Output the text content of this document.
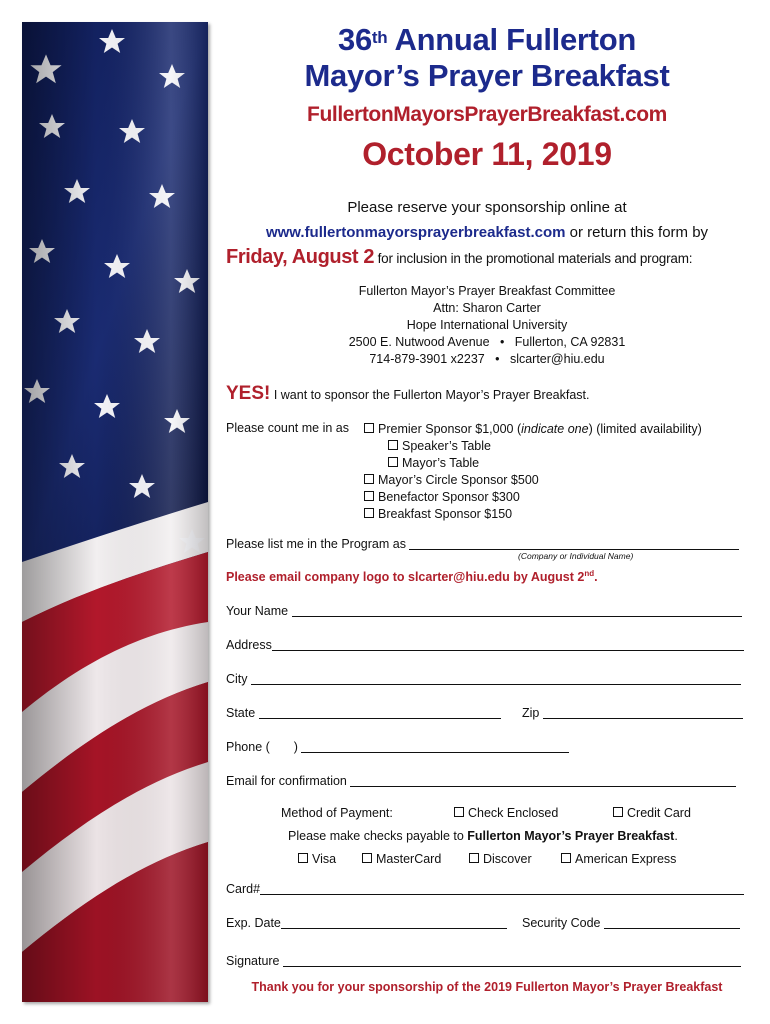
36th Annual Fullerton
Mayor’s Prayer Breakfast
FullertonMayorsPrayerBreakfast.com
October 11, 2019
Please reserve your sponsorship online at
www.fullertonmayorsprayerbreakfast.com or return this form by
Friday, August 2 for inclusion in the promotional materials and program:
Fullerton Mayor’s Prayer Breakfast Committee
Attn: Sharon Carter
Hope International University
2500 E. Nutwood Avenue   •   Fullerton, CA 92831
714-879-3901 x2237   •   slcarter@hiu.edu
YES! I want to sponsor the Fullerton Mayor’s Prayer Breakfast.
Please count me in as	Premier Sponsor $1,000 (indicate one) (limited availability)
Speaker’s Table
Mayor’s Table
Mayor’s Circle Sponsor $500
Benefactor Sponsor $300
Breakfast Sponsor $150
Please list me in the Program as
(Company or Individual Name)
Please email company logo to slcarter@hiu.edu by August 2nd.
Your Name
Address
City
State	Zip
Phone ( )
Email for confirmation
Method of Payment:	Check Enclosed	Credit Card
Please make checks payable to Fullerton Mayor’s Prayer Breakfast.
Visa	MasterCard	Discover	American Express
Card#
Exp. Date	Security Code
Signature
Thank you for your sponsorship of the 2019 Fullerton Mayor’s Prayer Breakfast
